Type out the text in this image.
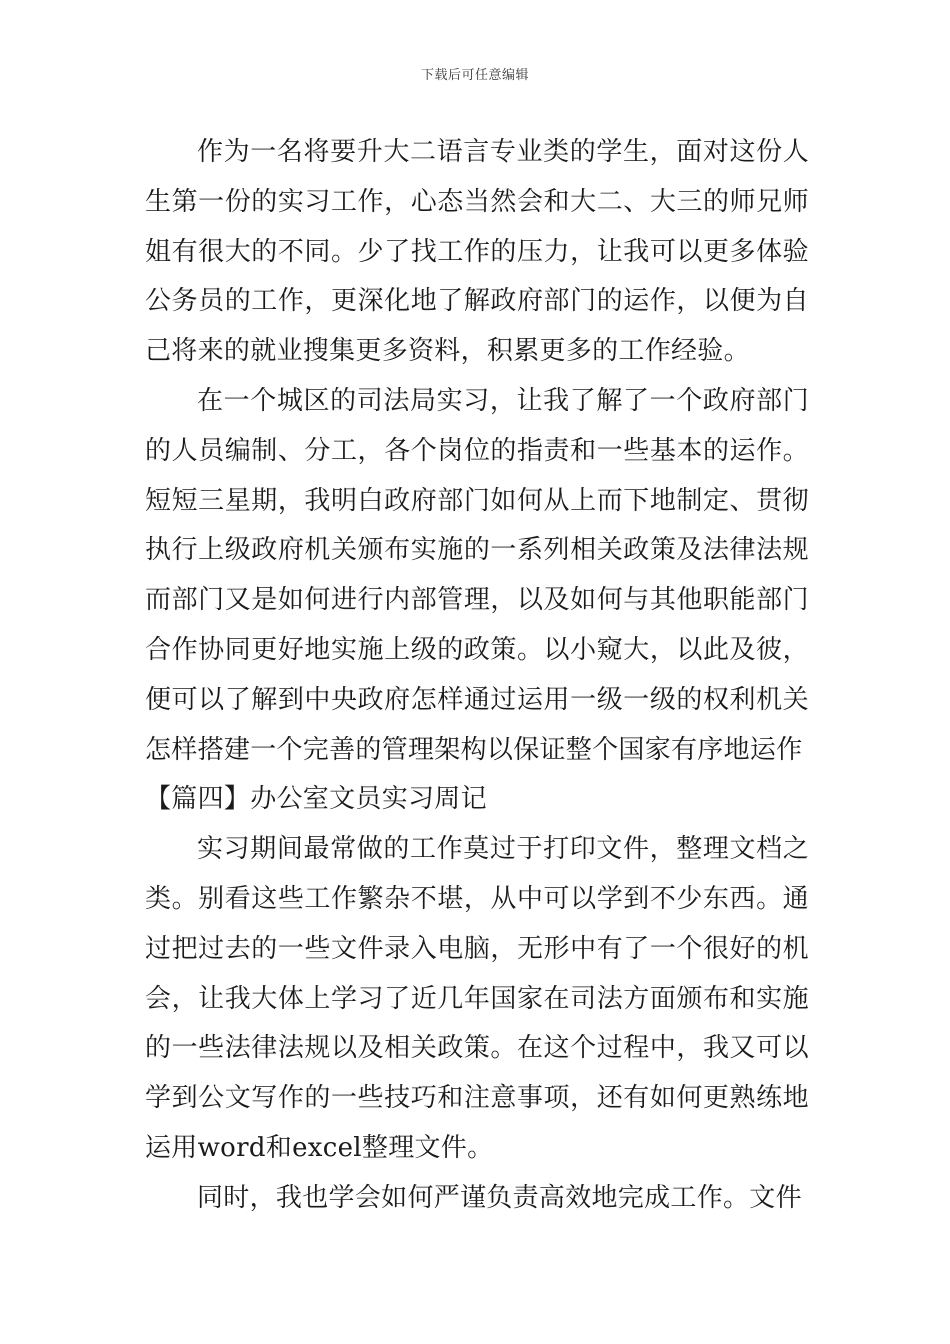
下载后可任意编辑

作为一名将要升大二语言专业类的学生，面对这份人生第一份的实习工作，心态当然会和大二、大三的师兄师姐有很大的不同。少了找工作的压力，让我可以更多体验公务员的工作，更深化地了解政府部门的运作，以便为自己将来的就业搜集更多资料，积累更多的工作经验。

在一个城区的司法局实习，让我了解了一个政府部门的人员编制、分工，各个岗位的指责和一些基本的运作。短短三星期，我明白政府部门如何从上而下地制定、贯彻执行上级政府机关颁布实施的一系列相关政策及法律法规而部门又是如何进行内部管理，以及如何与其他职能部门合作协同更好地实施上级的政策。以小窥大，以此及彼，便可以了解到中央政府怎样通过运用一级一级的权利机关怎样搭建一个完善的管理架构以保证整个国家有序地运作

【篇四】办公室文员实习周记

实习期间最常做的工作莫过于打印文件，整理文档之类。别看这些工作繁杂不堪，从中可以学到不少东西。通过把过去的一些文件录入电脑，无形中有了一个很好的机会，让我大体上学习了近几年国家在司法方面颁布和实施的一些法律法规以及相关政策。在这个过程中，我又可以学到公文写作的一些技巧和注意事项，还有如何更熟练地运用word和excel整理文件。

同时，我也学会如何严谨负责高效地完成工作。文件
